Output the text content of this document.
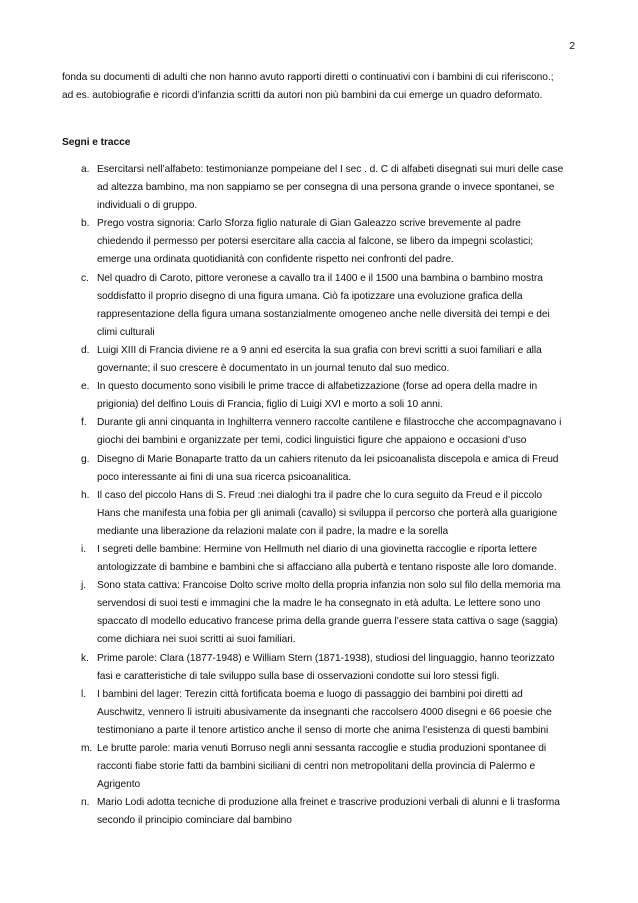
2
fonda su documenti di adulti che non hanno avuto rapporti diretti o continuativi con i bambini di cui riferiscono.; ad es. autobiografie e ricordi d’infanzia scritti da autori non più bambini da cui emerge un quadro deformato.
Segni e tracce
a. Esercitarsi nell’alfabeto: testimonianze pompeiane del I sec . d. C di alfabeti disegnati sui muri delle case ad altezza bambino, ma non sappiamo se per consegna di una persona grande o invece spontanei, se individuali o di gruppo.
b. Prego vostra signoria: Carlo Sforza figlio naturale di Gian Galeazzo scrive brevemente al padre chiedendo il permesso per potersi esercitare alla caccia al falcone, se libero da impegni scolastici; emerge una ordinata quotidianità con confidente rispetto nei confronti del padre.
c. Nel quadro di Caroto, pittore veronese a cavallo tra il 1400 e il 1500 una bambina o bambino mostra soddisfatto il proprio disegno di una figura umana. Ciò fa ipotizzare una evoluzione grafica della rappresentazione della figura umana sostanzialmente omogeneo anche nelle diversità dei tempi e dei climi culturali
d. Luigi XIII di Francia diviene re a 9 anni ed esercita la sua grafia con brevi scritti a suoi familiari e alla governante; il suo crescere è documentato in un journal tenuto dal suo medico.
e. In questo documento sono visibili le prime tracce di alfabetizzazione (forse ad opera della madre in prigionia) del delfino Louis di Francia, figlio di Luigi XVI e morto a soli 10 anni.
f. Durante gli anni cinquanta in Inghilterra vennero raccolte cantilene e filastrocche che accompagnavano i giochi dei bambini e organizzate per temi, codici linguistici figure che appaiono e occasioni d’uso
g. Disegno di Marie Bonaparte tratto da un cahiers ritenuto da lei psicoanalista discepola e amica di Freud poco interessante ai fini di una sua ricerca psicoanalitica.
h. Il caso del piccolo Hans di S. Freud :nei dialoghi tra il padre che lo cura seguito da Freud e il piccolo Hans che manifesta una fobia per gli animali (cavallo) si sviluppa il percorso che porterà alla guarigione mediante una liberazione da relazioni malate con il padre, la madre e la sorella
i. I segreti delle bambine: Hermine von Hellmuth nel diario di una giovinetta raccoglie e riporta lettere antologizzate di bambine e bambini che si affacciano alla pubertà e tentano risposte alle loro domande.
j. Sono stata cattiva: Francoise Dolto scrive molto della propria infanzia non solo sul filo della memoria ma servendosi di suoi testi e immagini che la madre le ha consegnato in età adulta. Le lettere sono uno spaccato dl modello educativo francese prima della grande guerra l’essere stata cattiva o sage (saggia) come dichiara nei suoi scritti ai suoi familiari.
k. Prime parole: Clara (1877-1948) e William Stern (1871-1938), studiosi del linguaggio, hanno teorizzato fasi e caratteristiche di tale sviluppo sulla base di osservazioni condotte sui loro stessi figli.
l. I bambini del lager: Terezin città fortificata boema e luogo di passaggio dei bambini poi diretti ad Auschwitz, vennero lì istruiti abusivamente da insegnanti che raccolsero 4000 disegni e 66 poesie che testimoniano a parte il tenore artistico anche il senso di morte che anima l’esistenza di questi bambini
m. Le brutte parole: maria venuti Borruso negli anni sessanta raccoglie e studia produzioni spontanee di racconti fiabe storie fatti da bambini siciliani di centri non metropolitani della provincia di Palermo e Agrigento
n. Mario Lodi adotta tecniche di produzione alla freinet e trascrive produzioni verbali di alunni e li trasforma secondo il principio cominciare dal bambino
